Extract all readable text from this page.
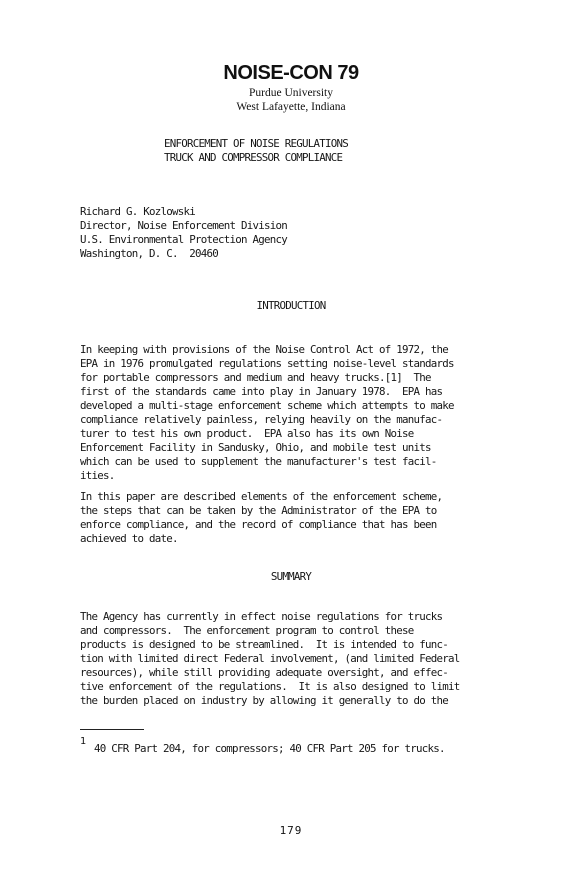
NOISE-CON 79
Purdue University
West Lafayette, Indiana
ENFORCEMENT OF NOISE REGULATIONS
TRUCK AND COMPRESSOR COMPLIANCE
Richard G. Kozlowski
Director, Noise Enforcement Division
U.S. Environmental Protection Agency
Washington, D. C.  20460
INTRODUCTION
In keeping with provisions of the Noise Control Act of 1972, the
EPA in 1976 promulgated regulations setting noise-level standards
for portable compressors and medium and heavy trucks.[1]  The
first of the standards came into play in January 1978.  EPA has
developed a multi-stage enforcement scheme which attempts to make
compliance relatively painless, relying heavily on the manufac-
turer to test his own product.  EPA also has its own Noise
Enforcement Facility in Sandusky, Ohio, and mobile test units
which can be used to supplement the manufacturer's test facil-
ities.
In this paper are described elements of the enforcement scheme,
the steps that can be taken by the Administrator of the EPA to
enforce compliance, and the record of compliance that has been
achieved to date.
SUMMARY
The Agency has currently in effect noise regulations for trucks
and compressors.  The enforcement program to control these
products is designed to be streamlined.  It is intended to func-
tion with limited direct Federal involvement, (and limited Federal
resources), while still providing adequate oversight, and effec-
tive enforcement of the regulations.  It is also designed to limit
the burden placed on industry by allowing it generally to do the
1
40 CFR Part 204, for compressors; 40 CFR Part 205 for trucks.
179
